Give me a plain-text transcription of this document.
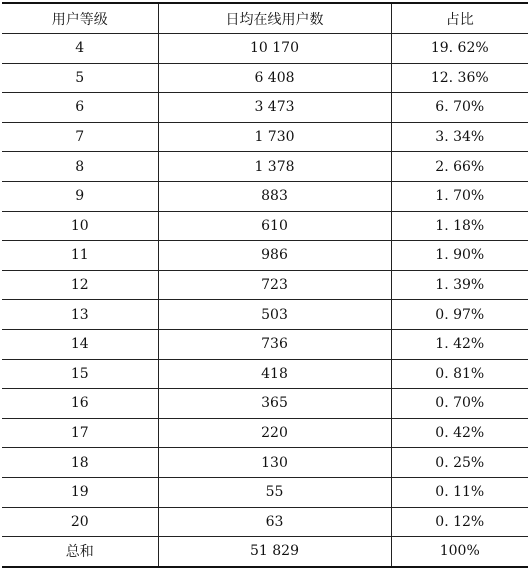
用户等级	日均在线用户数	占比
4	10 170	19. 62%
5	6 408	12. 36%
6	3 473	6. 70%
7	1 730	3. 34%
8	1 378	2. 66%
9	883	1. 70%
10	610	1. 18%
11	986	1. 90%
12	723	1. 39%
13	503	0. 97%
14	736	1. 42%
15	418	0. 81%
16	365	0. 70%
17	220	0. 42%
18	130	0. 25%
19	55	0. 11%
20	63	0. 12%
总和	51 829	100%
